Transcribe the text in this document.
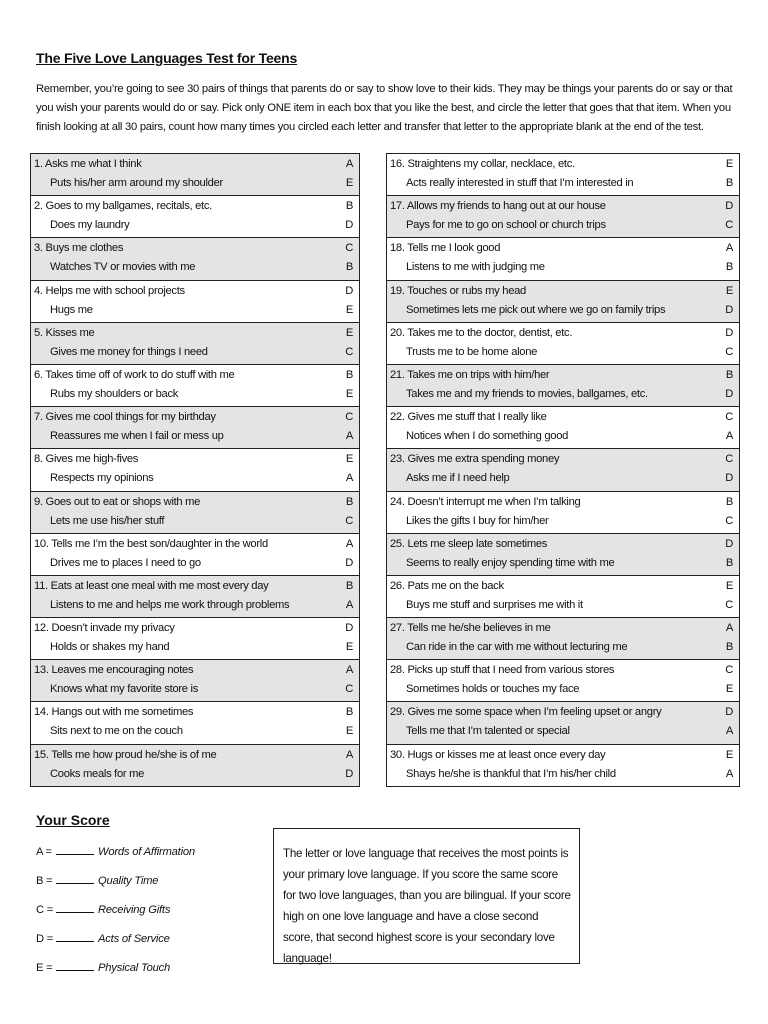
The Five Love Languages Test for Teens
Remember, you’re going to see 30 pairs of things that parents do or say to show love to their kids. They may be things your parents do or say or that you wish your parents would do or say. Pick only ONE item in each box that you like the best, and circle the letter that goes that that item. When you finish looking at all 30 pairs, count how many times you circled each letter and transfer that letter to the appropriate blank at the end of the test.
1. Asks me what I think	A
Puts his/her arm around my shoulder	E
2. Goes to my ballgames, recitals, etc.	B
Does my laundry	D
3. Buys me clothes	C
Watches TV or movies with me	B
4. Helps me with school projects	D
Hugs me	E
5. Kisses me	E
Gives me money for things I need	C
6. Takes time off of work to do stuff with me	B
Rubs my shoulders or back	E
7. Gives me cool things for my birthday	C
Reassures me when I fail or mess up	A
8. Gives me high-fives	E
Respects my opinions	A
9. Goes out to eat or shops with me	B
Lets me use his/her stuff	C
10. Tells me I’m the best son/daughter in the world	A
Drives me to places I need to go	D
11. Eats at least one meal with me most every day	B
Listens to me and helps me work through problems	A
12. Doesn’t invade my privacy	D
Holds or shakes my hand	E
13. Leaves me encouraging notes	A
Knows what my favorite store is	C
14. Hangs out with me sometimes	B
Sits next to me on the couch	E
15. Tells me how proud he/she is of me	A
Cooks meals for me	D
16. Straightens my collar, necklace, etc.	E
Acts really interested in stuff that I’m interested in	B
17. Allows my friends to hang out at our house	D
Pays for me to go on school or church trips	C
18. Tells me I look good	A
Listens to me with judging me	B
19. Touches or rubs my head	E
Sometimes lets me pick out where we go on family trips	D
20. Takes me to the doctor, dentist, etc.	D
Trusts me to be home alone	C
21. Takes me on trips with him/her	B
Takes me and my friends to movies, ballgames, etc.	D
22. Gives me stuff that I really like	C
Notices when I do something good	A
23. Gives me extra spending money	C
Asks me if I need help	D
24. Doesn’t interrupt me when I’m talking	B
Likes the gifts I buy for him/her	C
25. Lets me sleep late sometimes	D
Seems to really enjoy spending time with me	B
26. Pats me on the back	E
Buys me stuff and surprises me with it	C
27. Tells me he/she believes in me	A
Can ride in the car with me without lecturing me	B
28. Picks up stuff that I need from various stores	C
Sometimes holds or touches my face	E
29. Gives me some space when I’m feeling upset or angry	D
Tells me that I’m talented or special	A
30. Hugs or kisses me at least once every day	E
Shays he/she is thankful that I’m his/her child	A
Your Score
A =	Words of Affirmation
B =	Quality Time
C =	Receiving Gifts
D =	Acts of Service
E =	Physical Touch
The letter or love language that receives the most points is your primary love language. If you score the same score for two love languages, than you are bilingual. If your score high on one love language and have a close second score, that second highest score is your secondary love language!
